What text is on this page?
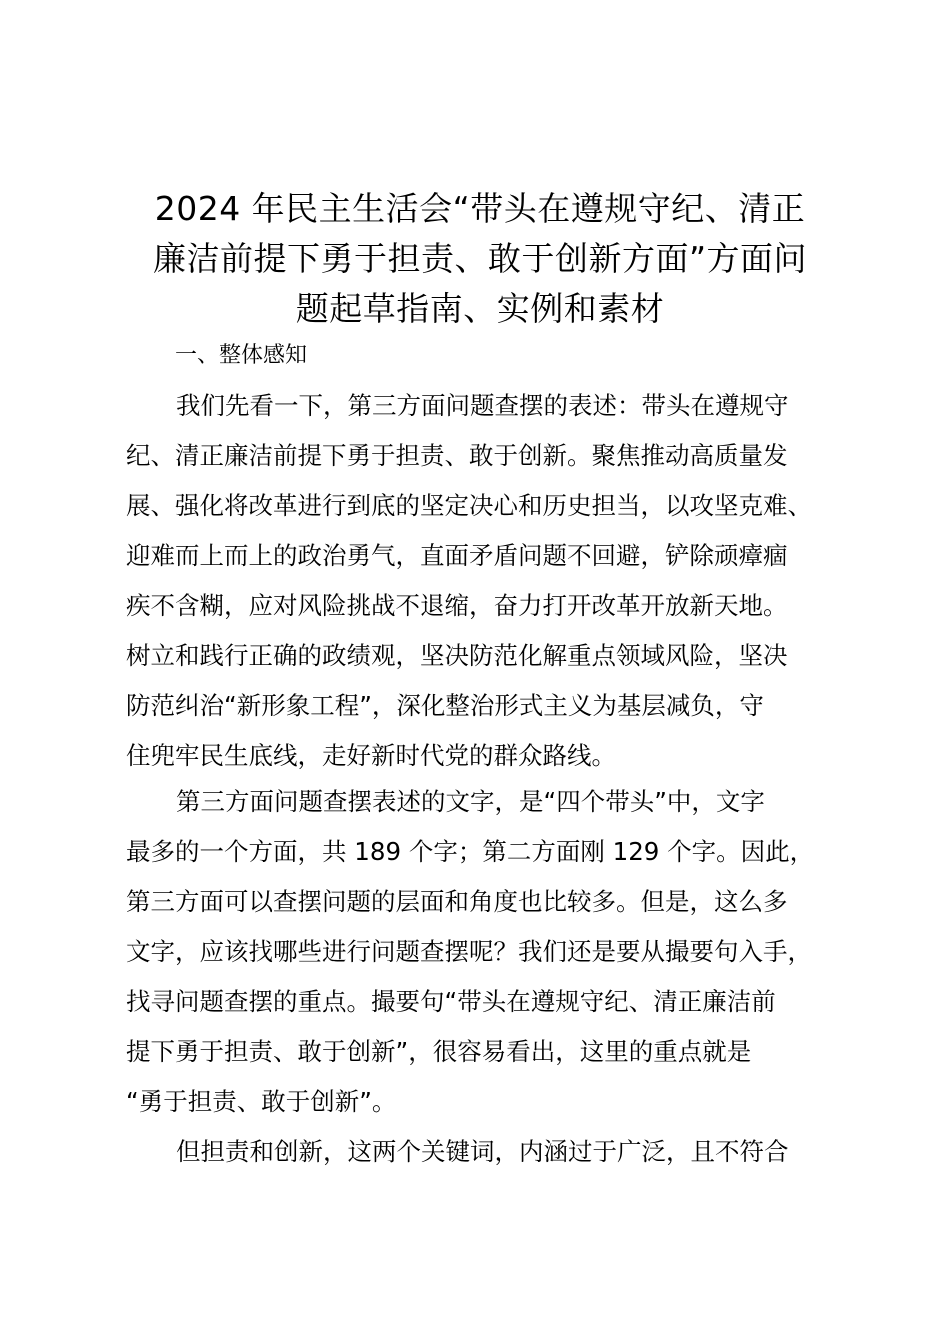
2024 年民主生活会“带头在遵规守纪、清正
廉洁前提下勇于担责、敢于创新方面”方面问
题起草指南、实例和素材
一、整体感知

我们先看一下，第三方面问题查摆的表述：带头在遵规守
纪、清正廉洁前提下勇于担责、敢于创新。聚焦推动高质量发
展、强化将改革进行到底的坚定决心和历史担当，以攻坚克难、
迎难而上而上的政治勇气，直面矛盾问题不回避，铲除顽瘴痼
疾不含糊，应对风险挑战不退缩，奋力打开改革开放新天地。
树立和践行正确的政绩观，坚决防范化解重点领域风险，坚决
防范纠治“新形象工程”，深化整治形式主义为基层减负，守
住兜牢民生底线，走好新时代党的群众路线。

第三方面问题查摆表述的文字，是“四个带头”中，文字
最多的一个方面，共 189 个字；第二方面刚 129 个字。因此，
第三方面可以查摆问题的层面和角度也比较多。但是，这么多
文字，应该找哪些进行问题查摆呢？我们还是要从撮要句入手，
找寻问题查摆的重点。撮要句“带头在遵规守纪、清正廉洁前
提下勇于担责、敢于创新”，很容易看出，这里的重点就是
“勇于担责、敢于创新”。

但担责和创新，这两个关键词，内涵过于广泛，且不符合
